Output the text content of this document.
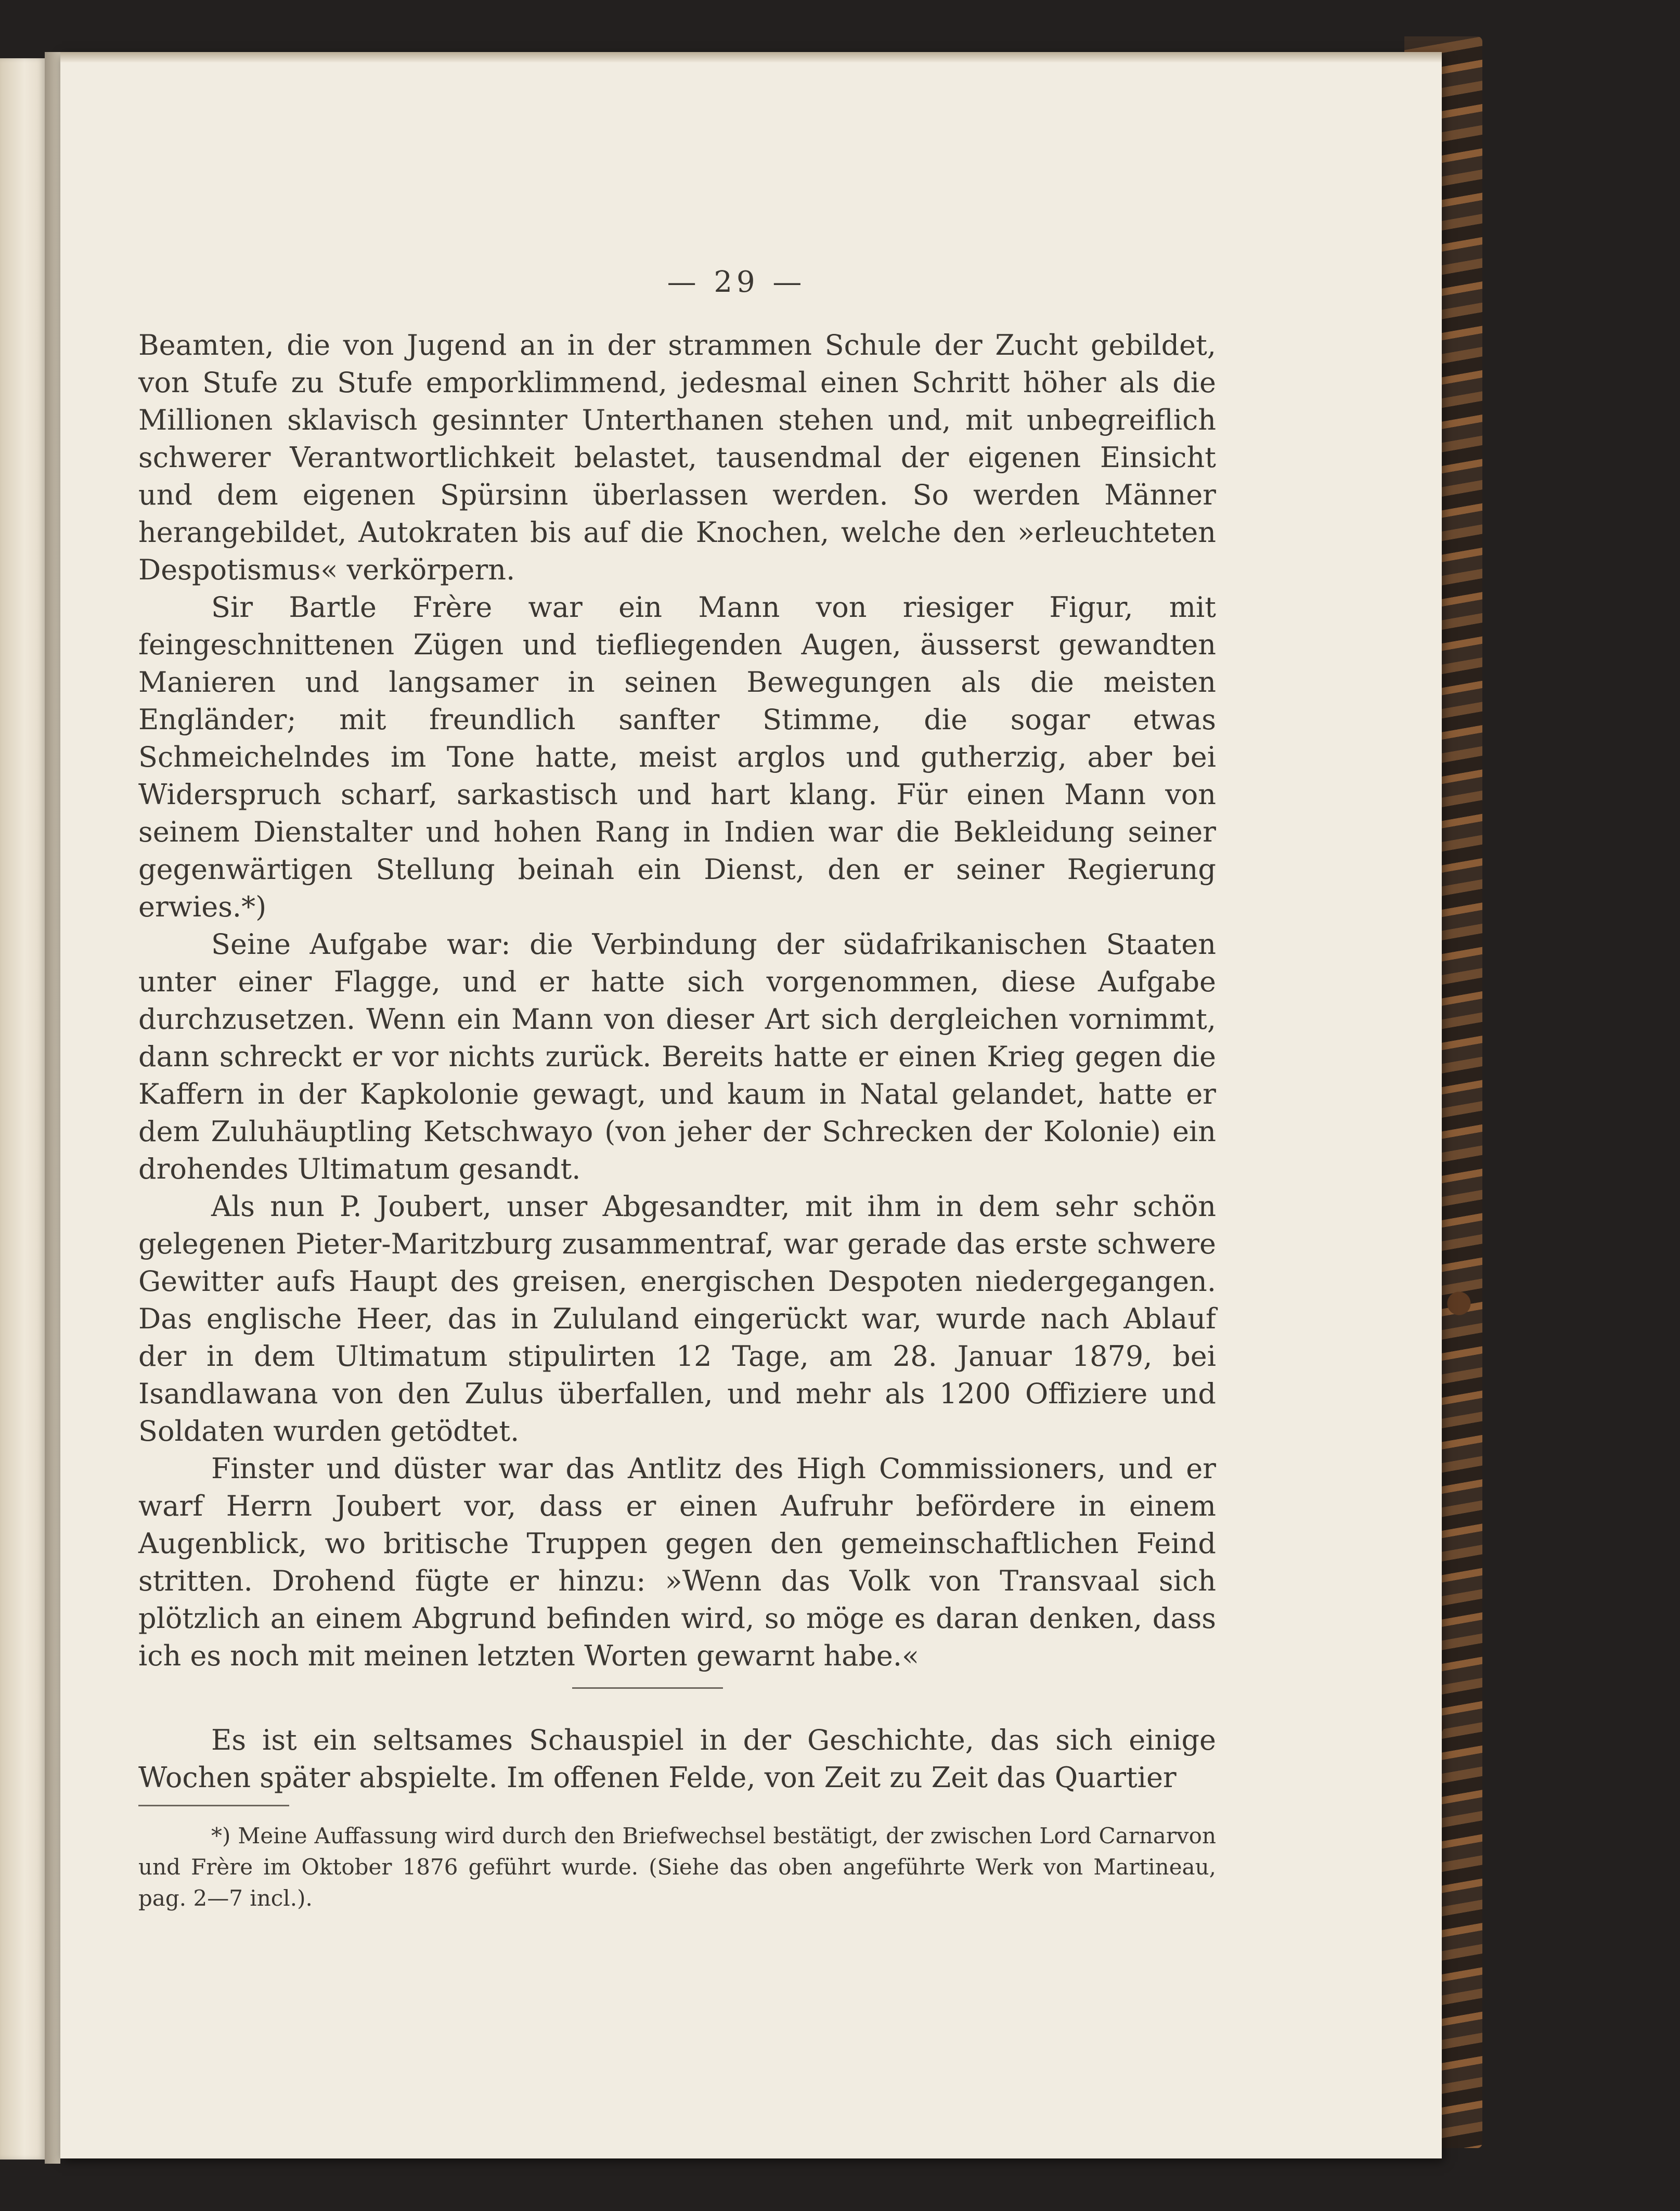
— 29 —

Beamten, die von Jugend an in der strammen Schule der Zucht gebildet, von Stufe zu Stufe emporklimmend, jedesmal einen Schritt höher als die Millionen sklavisch gesinnter Unterthanen stehen und, mit unbegreiflich schwerer Verantwortlichkeit belastet, tausendmal der eigenen Einsicht und dem eigenen Spürsinn überlassen werden. So werden Männer herangebildet, Autokraten bis auf die Knochen, welche den »erleuchteten Despotismus« verkörpern.

Sir Bartle Frère war ein Mann von riesiger Figur, mit feingeschnittenen Zügen und tiefliegenden Augen, äusserst gewandten Manieren und langsamer in seinen Bewegungen als die meisten Engländer; mit freundlich sanfter Stimme, die sogar etwas Schmeichelndes im Tone hatte, meist arglos und gutherzig, aber bei Widerspruch scharf, sarkastisch und hart klang. Für einen Mann von seinem Dienstalter und hohen Rang in Indien war die Bekleidung seiner gegenwärtigen Stellung beinah ein Dienst, den er seiner Regierung erwies.*)

Seine Aufgabe war: die Verbindung der südafrikanischen Staaten unter einer Flagge, und er hatte sich vorgenommen, diese Aufgabe durchzusetzen. Wenn ein Mann von dieser Art sich dergleichen vornimmt, dann schreckt er vor nichts zurück. Bereits hatte er einen Krieg gegen die Kaffern in der Kapkolonie gewagt, und kaum in Natal gelandet, hatte er dem Zuluhäuptling Ketschwayo (von jeher der Schrecken der Kolonie) ein drohendes Ultimatum gesandt.

Als nun P. Joubert, unser Abgesandter, mit ihm in dem sehr schön gelegenen Pieter-Maritzburg zusammentraf, war gerade das erste schwere Gewitter aufs Haupt des greisen, energischen Despoten niedergegangen. Das englische Heer, das in Zululand eingerückt war, wurde nach Ablauf der in dem Ultimatum stipulirten 12 Tage, am 28. Januar 1879, bei Isandlawana von den Zulus überfallen, und mehr als 1200 Offiziere und Soldaten wurden getödtet.

Finster und düster war das Antlitz des High Commissioners, und er warf Herrn Joubert vor, dass er einen Aufruhr befördere in einem Augenblick, wo britische Truppen gegen den gemeinschaftlichen Feind stritten. Drohend fügte er hinzu: »Wenn das Volk von Transvaal sich plötzlich an einem Abgrund befinden wird, so möge es daran denken, dass ich es noch mit meinen letzten Worten gewarnt habe.«

Es ist ein seltsames Schauspiel in der Geschichte, das sich einige Wochen später abspielte. Im offenen Felde, von Zeit zu Zeit das Quartier

*) Meine Auffassung wird durch den Briefwechsel bestätigt, der zwischen Lord Carnarvon und Frère im Oktober 1876 geführt wurde. (Siehe das oben angeführte Werk von Martineau, pag. 2—7 incl.).
